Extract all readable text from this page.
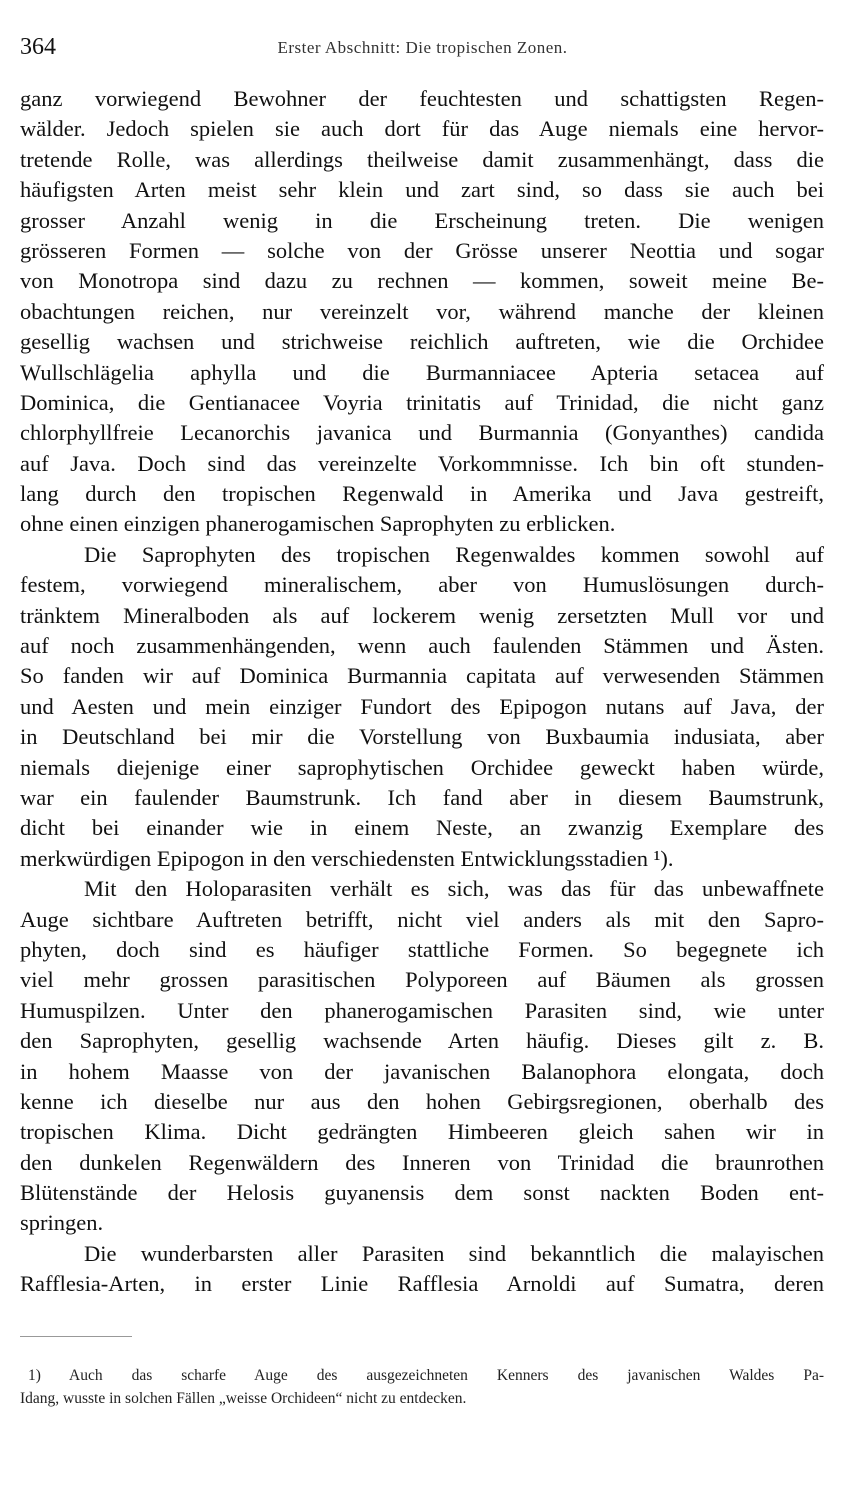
364	Erster Abschnitt: Die tropischen Zonen.
ganz vorwiegend Bewohner der feuchtesten und schattigsten Regen-
wälder. Jedoch spielen sie auch dort für das Auge niemals eine hervor-
tretende Rolle, was allerdings theilweise damit zusammenhängt, dass die
häufigsten Arten meist sehr klein und zart sind, so dass sie auch bei
grosser Anzahl wenig in die Erscheinung treten. Die wenigen
grösseren Formen — solche von der Grösse unserer Neottia und sogar
von Monotropa sind dazu zu rechnen — kommen, soweit meine Be-
obachtungen reichen, nur vereinzelt vor, während manche der kleinen
gesellig wachsen und strichweise reichlich auftreten, wie die Orchidee
Wullschlägelia aphylla und die Burmanniacee Apteria setacea auf
Dominica, die Gentianacee Voyria trinitatis auf Trinidad, die nicht ganz
chlorphyllfreie Lecanorchis javanica und Burmannia (Gonyanthes) candida
auf Java. Doch sind das vereinzelte Vorkommnisse. Ich bin oft stunden-
lang durch den tropischen Regenwald in Amerika und Java gestreift,
ohne einen einzigen phanerogamischen Saprophyten zu erblicken.
Die Saprophyten des tropischen Regenwaldes kommen sowohl auf
festem, vorwiegend mineralischem, aber von Humuslösungen durch-
tränktem Mineralboden als auf lockerem wenig zersetzten Mull vor und
auf noch zusammenhängenden, wenn auch faulenden Stämmen und Ästen.
So fanden wir auf Dominica Burmannia capitata auf verwesenden Stämmen
und Aesten und mein einziger Fundort des Epipogon nutans auf Java, der
in Deutschland bei mir die Vorstellung von Buxbaumia indusiata, aber
niemals diejenige einer saprophytischen Orchidee geweckt haben würde,
war ein faulender Baumstrunk. Ich fand aber in diesem Baumstrunk,
dicht bei einander wie in einem Neste, an zwanzig Exemplare des
merkwürdigen Epipogon in den verschiedensten Entwicklungsstadien ¹).
Mit den Holoparasiten verhält es sich, was das für das unbewaffnete
Auge sichtbare Auftreten betrifft, nicht viel anders als mit den Sapro-
phyten, doch sind es häufiger stattliche Formen. So begegnete ich
viel mehr grossen parasitischen Polyporeen auf Bäumen als grossen
Humuspilzen. Unter den phanerogamischen Parasiten sind, wie unter
den Saprophyten, gesellig wachsende Arten häufig. Dieses gilt z. B.
in hohem Maasse von der javanischen Balanophora elongata, doch
kenne ich dieselbe nur aus den hohen Gebirgsregionen, oberhalb des
tropischen Klima. Dicht gedrängten Himbeeren gleich sahen wir in
den dunkelen Regenwäldern des Inneren von Trinidad die braunrothen
Blütenstände der Helosis guyanensis dem sonst nackten Boden ent-
springen.
Die wunderbarsten aller Parasiten sind bekanntlich die malayischen
Rafflesia-Arten, in erster Linie Rafflesia Arnoldi auf Sumatra, deren
1) Auch das scharfe Auge des ausgezeichneten Kenners des javanischen Waldes Pa-
Idang, wusste in solchen Fällen „weisse Orchideen“ nicht zu entdecken.
